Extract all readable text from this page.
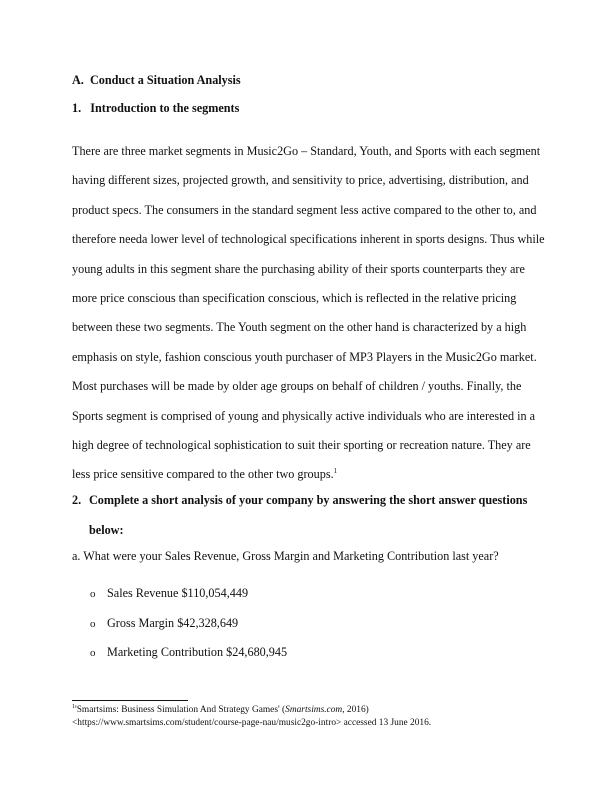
A. Conduct a Situation Analysis
1. Introduction to the segments
There are three market segments in Music2Go – Standard, Youth, and Sports with each segment
having different sizes, projected growth, and sensitivity to price, advertising, distribution, and
product specs. The consumers in the standard segment less active compared to the other to, and
therefore needa lower level of technological specifications inherent in sports designs. Thus while
young adults in this segment share the purchasing ability of their sports counterparts they are
more price conscious than specification conscious, which is reflected in the relative pricing
between these two segments. The Youth segment on the other hand is characterized by a high
emphasis on style, fashion conscious youth purchaser of MP3 Players in the Music2Go market.
Most purchases will be made by older age groups on behalf of children / youths. Finally, the
Sports segment is comprised of young and physically active individuals who are interested in a
high degree of technological sophistication to suit their sporting or recreation nature. They are
less price sensitive compared to the other two groups.$^1$
2. Complete a short analysis of your company by answering the short answer questions
below:
a. What were your Sales Revenue, Gross Margin and Marketing Contribution last year?
o Sales Revenue $110,054,449
o Gross Margin $42,328,649
o Marketing Contribution $24,680,945
$^1$'Smartsims: Business Simulation And Strategy Games' (Smartsims.com, 2016)
<https://www.smartsims.com/student/course-page-nau/music2go-intro> accessed 13 June 2016.
